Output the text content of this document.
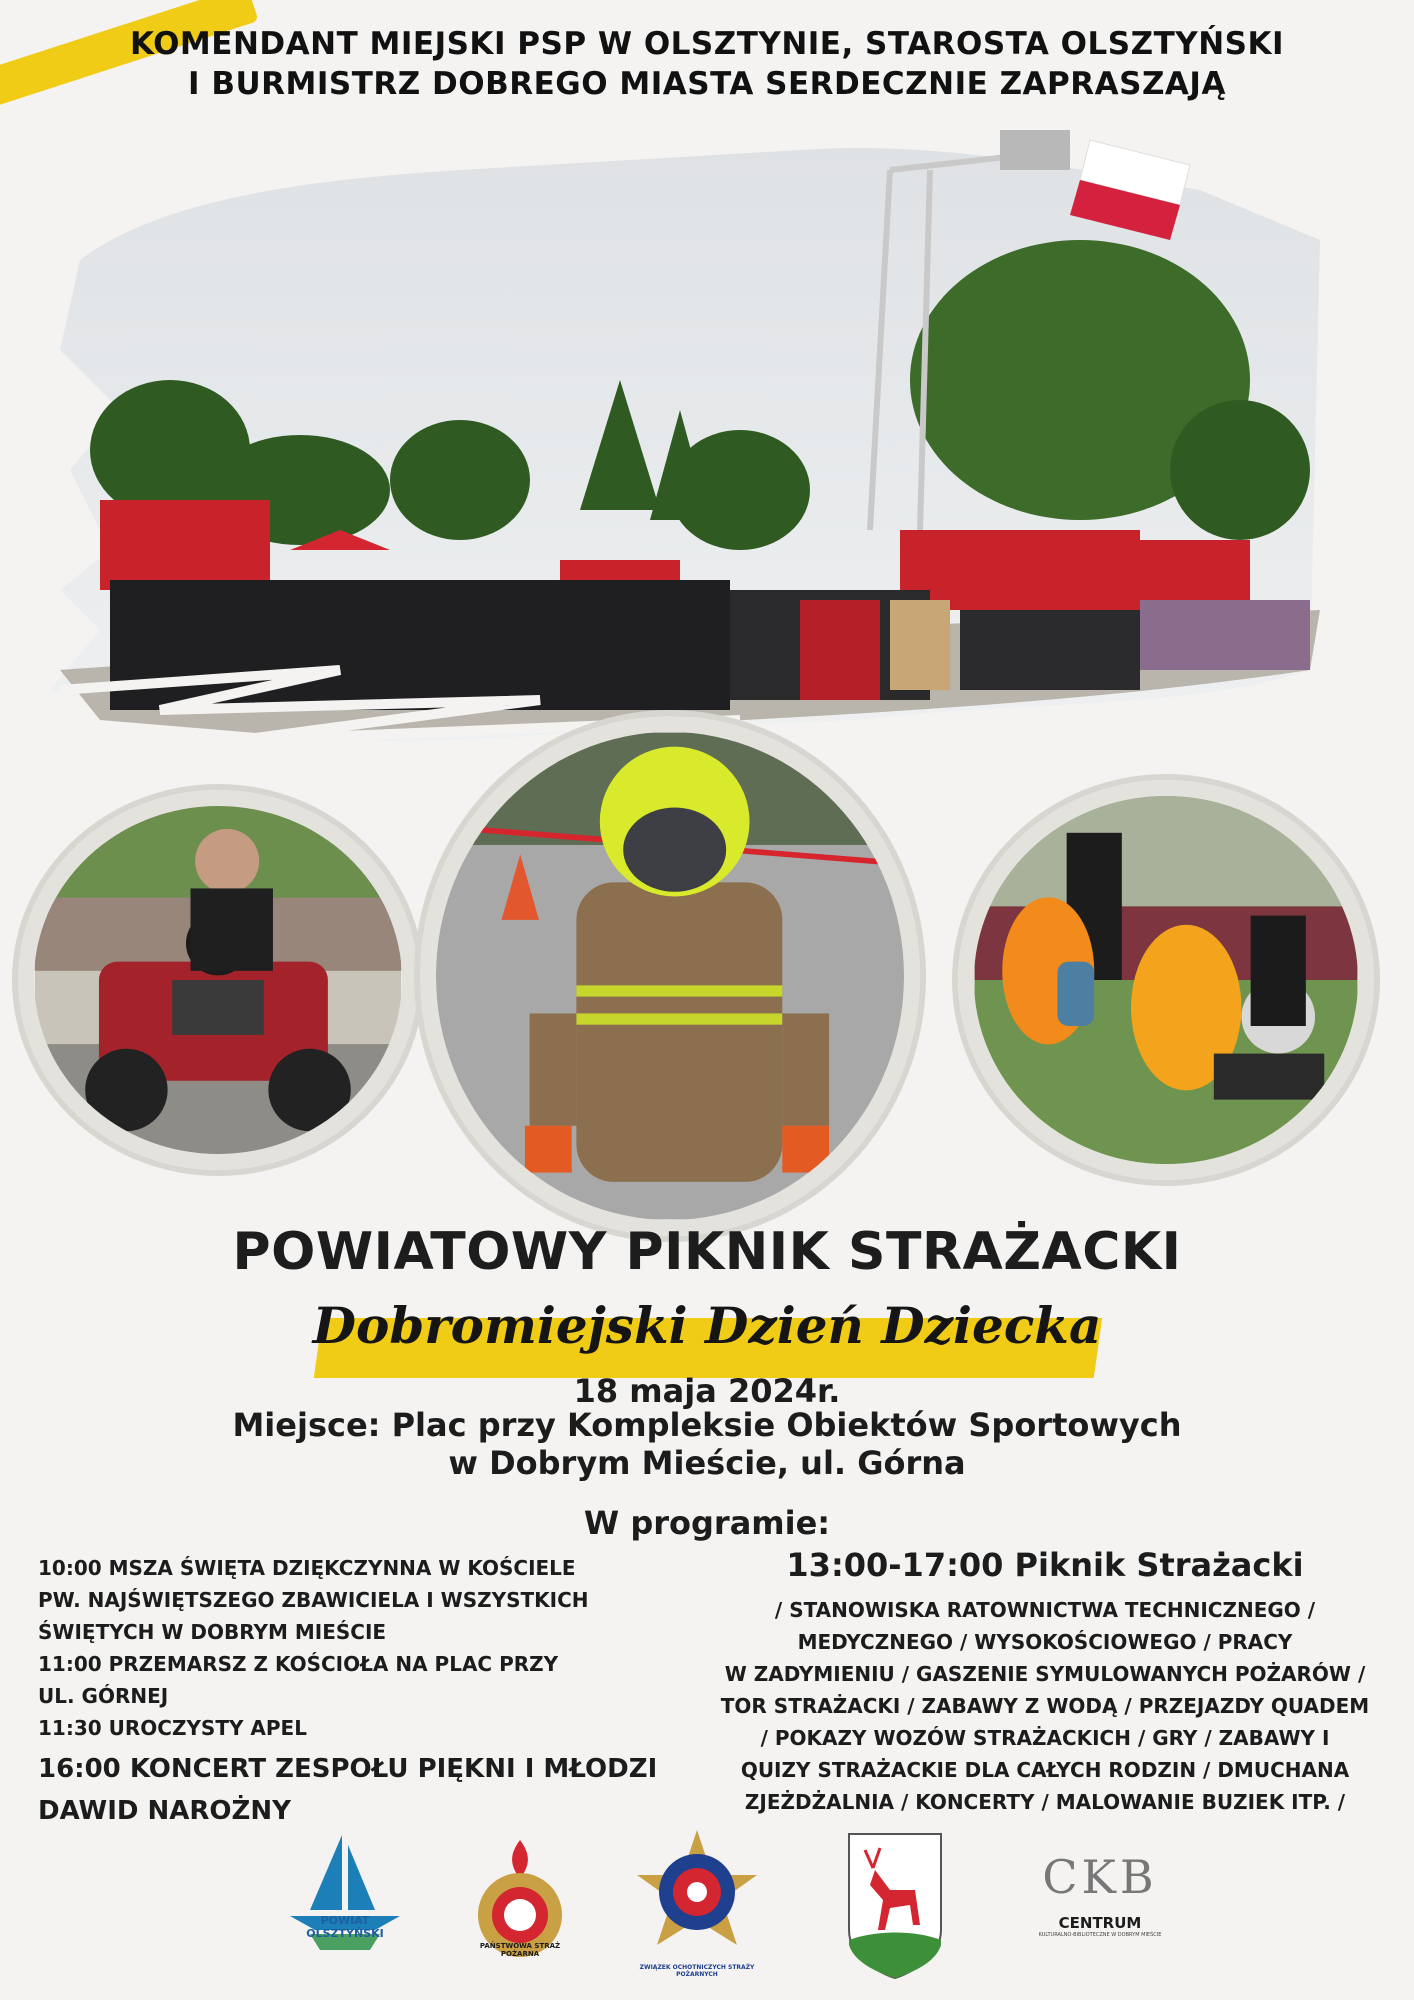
KOMENDANT MIEJSKI PSP W OLSZTYNIE, STAROSTA OLSZTYŃSKI
I BURMISTRZ DOBREGO MIASTA SERDECZNIE ZAPRASZAJĄ
POWIATOWY PIKNIK STRAŻACKI
Dobromiejski Dzień Dziecka
18 maja 2024r.
Miejsce: Plac przy Kompleksie Obiektów Sportowych
w Dobrym Mieście, ul. Górna
W programie:
10:00 MSZA ŚWIĘTA DZIĘKCZYNNA W KOŚCIELE
PW. NAJŚWIĘTSZEGO ZBAWICIELA I WSZYSTKICH
ŚWIĘTYCH W DOBRYM MIEŚCIE
11:00 PRZEMARSZ Z KOŚCIOŁA NA PLAC PRZY
UL. GÓRNEJ
11:30 UROCZYSTY APEL
16:00 KONCERT ZESPOŁU PIĘKNI I MŁODZI
DAWID NAROŻNY
13:00-17:00 Piknik Strażacki
/ STANOWISKA RATOWNICTWA TECHNICZNEGO /
MEDYCZNEGO / WYSOKOŚCIOWEGO / PRACY
W ZADYMIENIU / GASZENIE SYMULOWANYCH POŻARÓW /
TOR STRAŻACKI / ZABAWY Z WODĄ / PRZEJAZDY QUADEM
/ POKAZY WOZÓW STRAŻACKICH / GRY / ZABAWY I
QUIZY STRAŻACKIE DLA CAŁYCH RODZIN / DMUCHANA
ZJEŻDŻALNIA / KONCERTY / MALOWANIE BUZIEK ITP. /
POWIAT OLSZTYŃSKI
PAŃSTWOWA STRAŻ POŻARNA
ZWIĄZEK OCHOTNICZYCH STRAŻY POŻARNYCH
CKB
CENTRUM
KULTURALNO-BIBLIOTECZNE W DOBRYM MIEŚCIE
